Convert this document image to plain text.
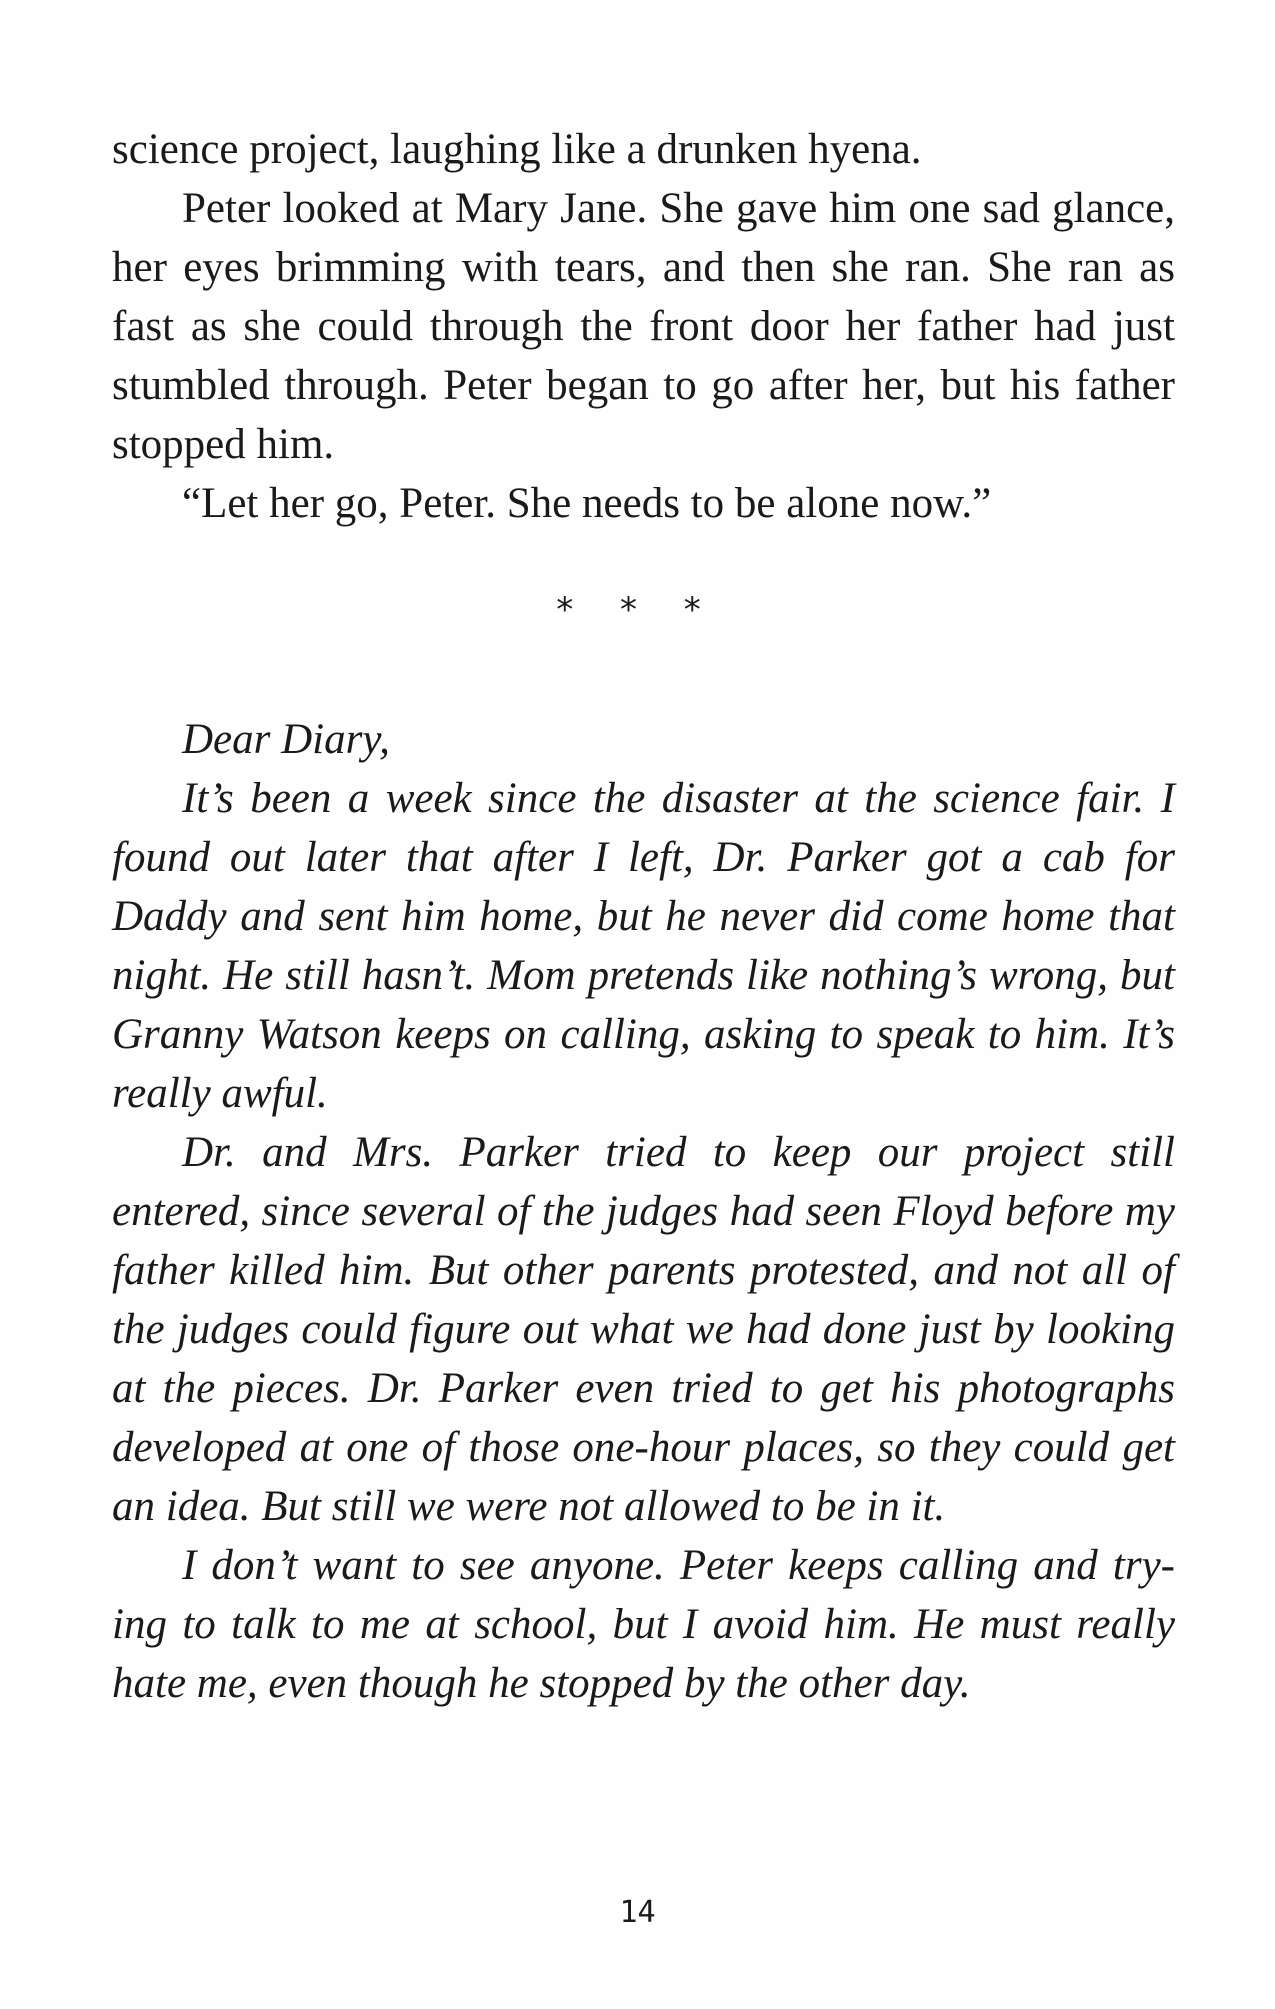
science project, laughing like a drunken hyena.

Peter looked at Mary Jane. She gave him one sad glance, her eyes brimming with tears, and then she ran. She ran as fast as she could through the front door her father had just stumbled through. Peter began to go after her, but his father stopped him.

“Let her go, Peter. She needs to be alone now.”

* * *

Dear Diary,

It’s been a week since the disaster at the science fair. I found out later that after I left, Dr. Parker got a cab for Daddy and sent him home, but he never did come home that night. He still hasn’t. Mom pretends like nothing’s wrong, but Granny Watson keeps on calling, asking to speak to him. It’s really awful.

Dr. and Mrs. Parker tried to keep our project still entered, since several of the judges had seen Floyd before my father killed him. But other parents protested, and not all of the judges could figure out what we had done just by looking at the pieces. Dr. Parker even tried to get his photographs developed at one of those one-hour places, so they could get an idea. But still we were not allowed to be in it.

I don’t want to see anyone. Peter keeps calling and try-ing to talk to me at school, but I avoid him. He must really hate me, even though he stopped by the other day.

14
